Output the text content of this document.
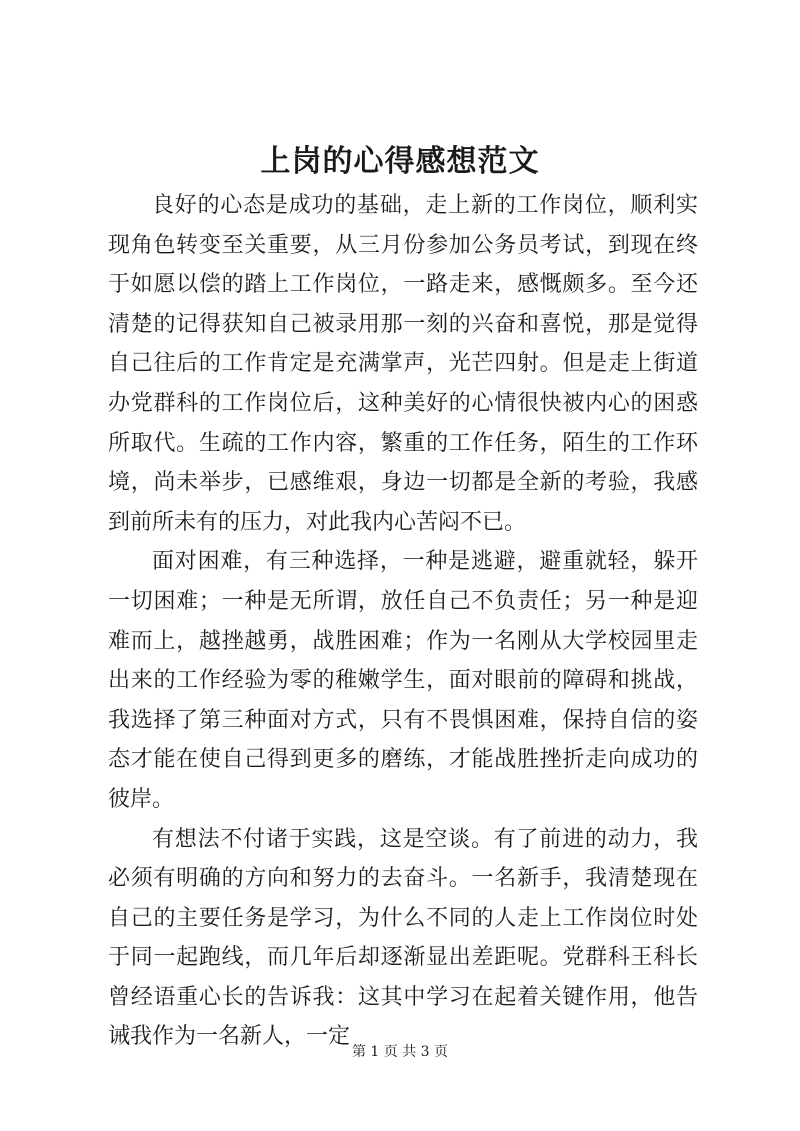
上岗的心得感想范文

良好的心态是成功的基础，走上新的工作岗位，顺利实现角色转变至关重要，从三月份参加公务员考试，到现在终于如愿以偿的踏上工作岗位，一路走来，感慨颇多。至今还清楚的记得获知自己被录用那一刻的兴奋和喜悦，那是觉得自己往后的工作肯定是充满掌声，光芒四射。但是走上街道办党群科的工作岗位后，这种美好的心情很快被内心的困惑所取代。生疏的工作内容，繁重的工作任务，陌生的工作环境，尚未举步，已感维艰，身边一切都是全新的考验，我感到前所未有的压力，对此我内心苦闷不已。

面对困难，有三种选择，一种是逃避，避重就轻，躲开一切困难；一种是无所谓，放任自己不负责任；另一种是迎难而上，越挫越勇，战胜困难；作为一名刚从大学校园里走出来的工作经验为零的稚嫩学生，面对眼前的障碍和挑战，我选择了第三种面对方式，只有不畏惧困难，保持自信的姿态才能在使自己得到更多的磨练，才能战胜挫折走向成功的彼岸。

有想法不付诸于实践，这是空谈。有了前进的动力，我必须有明确的方向和努力的去奋斗。一名新手，我清楚现在自己的主要任务是学习，为什么不同的人走上工作岗位时处于同一起跑线，而几年后却逐渐显出差距呢。党群科王科长曾经语重心长的告诉我：这其中学习在起着关键作用，他告诫我作为一名新人，一定

第 1 页 共 3 页
